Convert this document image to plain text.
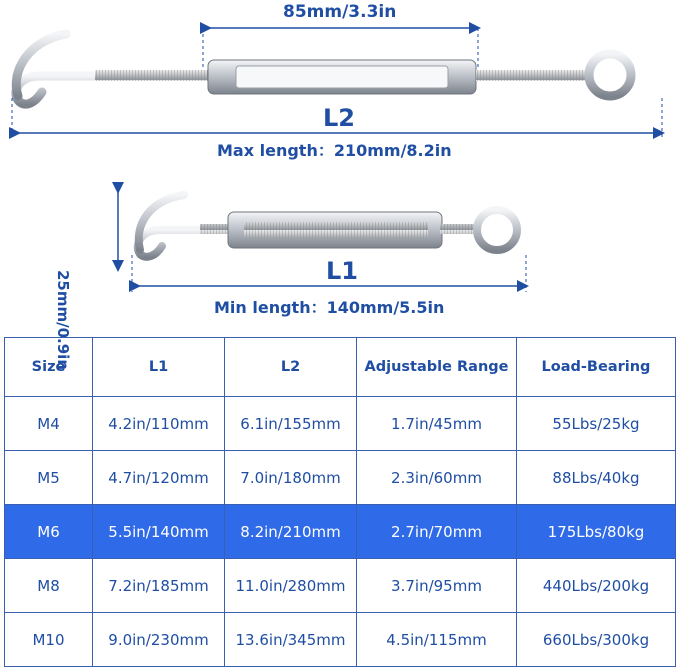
85mm/3.3in
L2
Max length：210mm/8.2in
25mm/0.9in	L1
Min length：140mm/5.5in
Size	L1	L2	Adjustable Range	Load-Bearing
M4	4.2in/110mm	6.1in/155mm	1.7in/45mm	55Lbs/25kg
M5	4.7in/120mm	7.0in/180mm	2.3in/60mm	88Lbs/40kg
M6	5.5in/140mm	8.2in/210mm	2.7in/70mm	175Lbs/80kg
M8	7.2in/185mm	11.0in/280mm	3.7in/95mm	440Lbs/200kg
M10	9.0in/230mm	13.6in/345mm	4.5in/115mm	660Lbs/300kg
